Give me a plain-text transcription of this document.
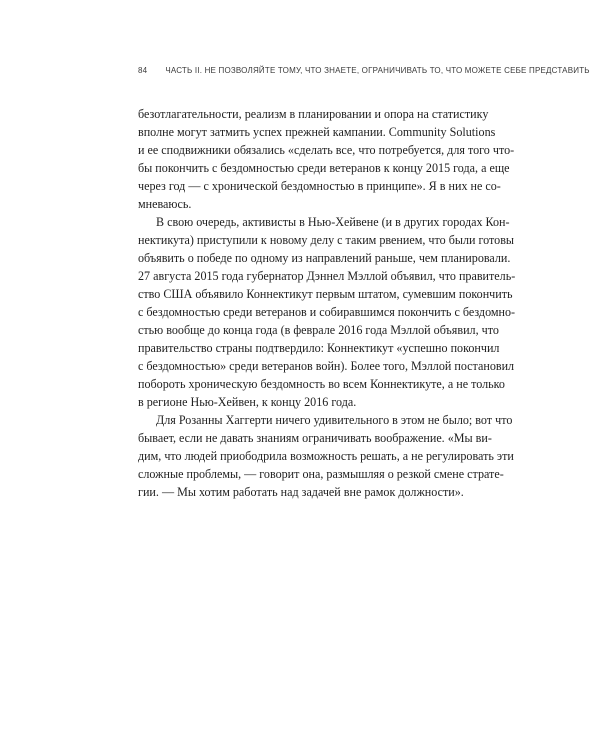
84 ЧАСТЬ II. НЕ ПОЗВОЛЯЙТЕ ТОМУ, ЧТО ЗНАЕТЕ, ОГРАНИЧИВАТЬ ТО, ЧТО МОЖЕТЕ СЕБЕ ПРЕДСТАВИТЬ
безотлагательности, реализм в планировании и опора на статистику
вполне могут затмить успех прежней кампании. Community Solutions
и ее сподвижники обязались «сделать все, что потребуется, для того что-
бы покончить с бездомностью среди ветеранов к концу 2015 года, а еще
через год — с хронической бездомностью в принципе». Я в них не со-
мневаюсь.
В свою очередь, активисты в Нью-Хейвене (и в других городах Кон-
нектикута) приступили к новому делу с таким рвением, что были готовы
объявить о победе по одному из направлений раньше, чем планировали.
27 августа 2015 года губернатор Дэннел Мэллой объявил, что правитель-
ство США объявило Коннектикут первым штатом, сумевшим покончить
с бездомностью среди ветеранов и собиравшимся покончить с бездомно-
стью вообще до конца года (в феврале 2016 года Мэллой объявил, что
правительство страны подтвердило: Коннектикут «успешно покончил
с бездомностью» среди ветеранов войн). Более того, Мэллой постановил
побороть хроническую бездомность во всем Коннектикуте, а не только
в регионе Нью-Хейвен, к концу 2016 года.
Для Розанны Хаггерти ничего удивительного в этом не было; вот что
бывает, если не давать знаниям ограничивать воображение. «Мы ви-
дим, что людей приободрила возможность решать, а не регулировать эти
сложные проблемы, — говорит она, размышляя о резкой смене страте-
гии. — Мы хотим работать над задачей вне рамок должности».
